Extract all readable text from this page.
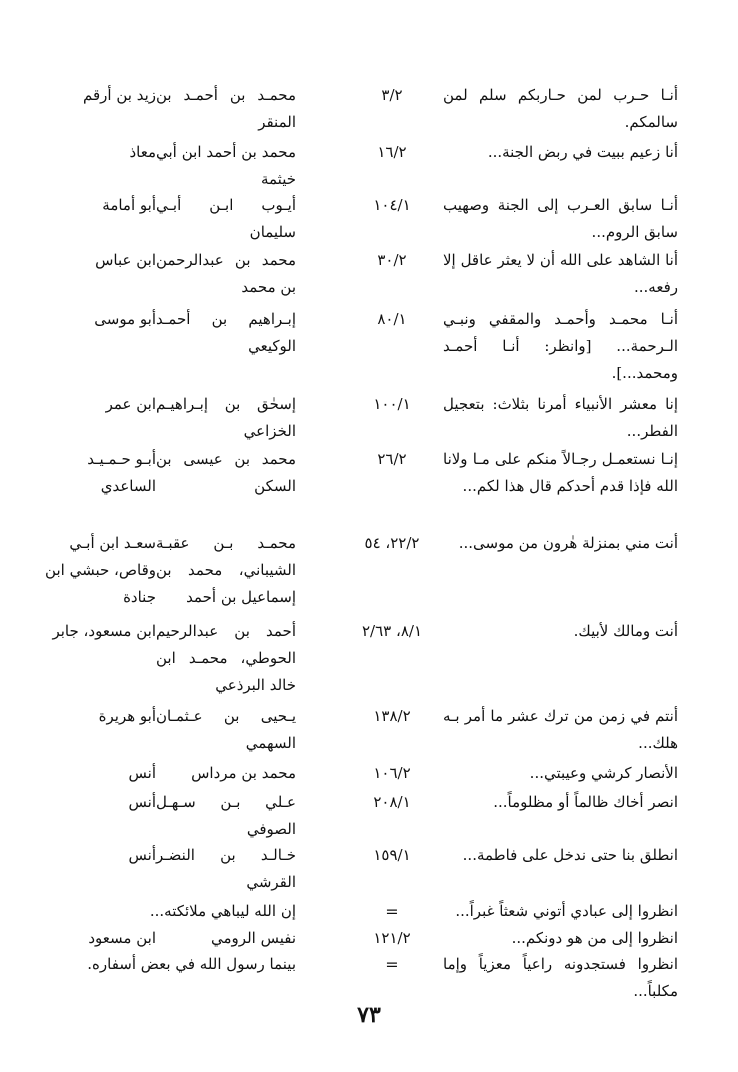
أنـا حـرب لمن حـاربكم سلم لمن سالمكم.
٣/٢
محمـد بن أحمـد بن المنقر
زيد بن أرقم
أنا زعيم ببيت في ربض الجنة...
١٦/٢
محمد بن أحمد ابن أبي خيثمة
معاذ
أنـا سابق العـرب إلى الجنة وصهيب سابق الروم...
١٠٤/١
أيـوب ابـن أبـي سليمان
أبو أمامة
أنا الشاهد على الله أن لا يعثر عاقل إلا رفعه...
٣٠/٢
محمد بن عبدالرحمن بن محمد
ابن عباس
أنـا محمـد وأحمـد والمقفي ونبـي الـرحمة... [وانظر: أنـا أحمـد ومحمد...].
٨٠/١
إبـراهيم بن أحمـد الوكيعي
أبو موسى
إنا معشر الأنبياء أمرنا بثلاث: بتعجيل الفطر...
١٠٠/١
إسحٰق بن إبـراهيـم الخزاعي
ابن عمر
إنـا نستعمـل رجـالاً منكم على مـا ولانا الله فإذا قدم أحدكم قال هذا لكم...
٢٦/٢
محمد بن عيسى بن السكن
أبـو حـمـيـد الساعدي
أنت مني بمنزلة هٰرون من موسى...
٢٢/٢، ٥٤
محمـد بـن عقبـة الشيباني، محمد بن إسماعيل بن أحمد
سعـد ابن أبـي وقاص، حبشي ابن جنادة
أنت ومالك لأبيك.
٨/١، ٢/٦٣
أحمد بن عبدالرحيم الحوطي، محمـد ابن خالد البرذعي
ابن مسعود، جابر
أنتم في زمن من ترك عشر ما أمر بـه هلك...
١٣٨/٢
يـحيى بن عـثمـان السهمي
أبو هريرة
الأنصار كرشي وعيبتي...
١٠٦/٢
محمد بن مرداس
أنس
انصر أخاك ظالماً أو مظلوماً...
٢٠٨/١
عـلي بـن سـهـل الصوفي
أنس
انطلق بنا حتى ندخل على فاطمة...
١٥٩/١
خـالـد بن النضـر القرشي
أنس
انظروا إلى عبادي أتوني شعثاً غبراً...
=
إن الله ليباهي ملائكته...
انظروا إلى من هو دونكم...
١٢١/٢
نفيس الرومي
ابن مسعود
انظروا فستجدونه راعياً معزياً وإما مكلباً...
=
بينما رسول الله في بعض أسفاره.
٧٣
